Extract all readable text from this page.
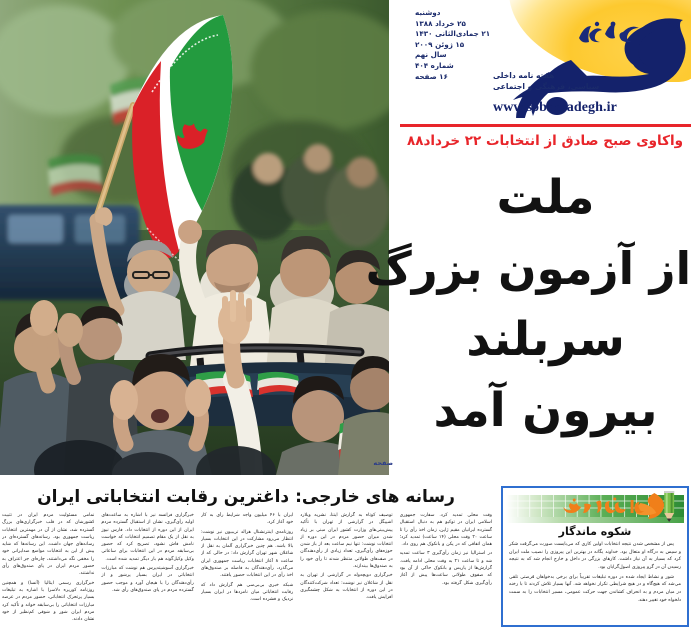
دوشنبه
۲۵ خرداد ۱۳۸۸
۲۱ جمادی‌الثانی ۱۴۳۰
۱۵ ژوئن ۲۰۰۹
سال نهم
شماره ۴۰۴
۱۶ صفحه	هفته نامه داخلی
سیاسی، فرهنگی و اجتماعی
www.sobhesadegh.ir
واکاوی صبح صادق از انتخابات ۲۲ خرداد۸۸
ملت
از آزمون بزرگ
سربلند
بیرون آمد
صفحه
رسانه های خارجی: داغترین رقابت انتخاباتی ایران

تمامی مسئولیت مردم ایران در تثبیت کشورشان که در قلب خبرگزاری‌های بزرگ گسترده شد، نشان از آن در مهمترین انتخابات ریاست جمهوری بود. رسانه‌های گسترده‌ای در رسانه‌های جهان داشت. این رسانه‌ها که شاید پیش از این به انتخابات مواضع ضدایرانی خود را مخفی نگه می‌داشتند، چاره‌ای جز اعتراف به حضور مردم ایران در پای صندوق‌های رأی نداشتند.

خبرگزاری رسمی ایتالیا (آنسا) و همچنین روزنامه کوریره دلاسرا با اشاره به تبلیغات بسیار پرتحرک انتخاباتی، حضور مردم در عرصه مبارزات انتخاباتی را بی‌سابقه خواند و تأکید کرد مردم ایران شور و شوقی کم‌نظیر از خود نشان دادند.

خبرگزاری فرانسه نیز با اشاره به ساعت‌های اولیه رأی‌گیری، نشان از استقبال گسترده مردم ایران از این دوره از انتخابات داد. فارس نیوز به نقل از یک مقام تصمیم انتخابات که خواست نامش فاش نشود، تصریح کرد که حضور بی‌سابقه مردم در این انتخابات برای ساعاتی وکیل وکیل‌گونه هم بار دیگر تمدید شده است.

خبرگزاری آسوشیتدپرس هم نوشت که مبارزات انتخاباتی در ایران بسیار پرشور و از رأی‌دهندگان را با هیجان آورد و موجب حضور گسترده مردم در پای صندوق‌های رأی شد.

ایران با ۴۶ میلیون واجد شرایط رأی به کار خود آغاز کرد.

روزنامه‌ی اینترنشنال هرالد تریبیون نیز نوشت: انتظار می‌رود مشارکت در این انتخابات بسیار بالا باشد. هم چنین خبرگزاری آلمان به نقل از شاغلان شهر تهران گزارش داد: در حالی که از ساعت ۸ آغاز انتخابات ریاست جمهوری ایران می‌گذرد، رأی‌دهندگان به فاصله بر صندوق‌های اخذ رأی در این انتخابات حضور یافتند.

شبکه خبری بی‌بی‌سی هم گزارش داد که رقابت انتخاباتی میان نامزدها در ایران بسیار نزدیک و فشرده است.

توصیف کوتاه به گزارش ایتنا، نشریه ویلارد اشپیگل در گزارشی از تهران با تأکید پیش‌بینی‌های وزارت کشور ایران مبنی بر زیاد شدن میزان حضور مردم در این دوره از انتخابات نوشت: تنها نیم ساعت بعد از باز شدن حوزه‌های رأی‌گیری، تعداد زیادی از رأی‌دهندگان در صف‌های طولانی منتظر شدند تا رأی خود را به صندوق‌ها بیندازند.

خبرگزاری دویچه‌وله در گزارشی از تهران به نقل از شاغلان نیز نوشت: تعداد شرکت‌کنندگان در این دوره از انتخابات به شکل چشمگیری افزایش یافت.

وقت محلی تمدید کرد. سفارت جمهوری اسلامی ایران در توکیو هم به دنبال استقبال گسترده ایرانیان مقیم ژاپن، زمان اخذ رأی را تا ساعت ۲۰ وقت محلی (۱۴ ساعت) تمدید کرد؛ همان اتفاقی که در پکن و بانکوک هم روی داد.

در استرالیا نیز زمان رأی‌گیری ۳ ساعت تمدید شد و تا ساعت ۲۱ به وقت محلی ادامه یافت. گزارش‌ها از پاریس و بانکوک حاکی از آن بود که صفوف طولانی ساعت‌ها پیش از آغاز رأی‌گیری شکل گرفته بود.

شکوه ماندگار

پس از مشخص شدن نتیجه انتخابات اولین کاری که می‌بایست صورت می‌گرفت شکر و سپس به درگاه او متعال بود. خداوند یگانه در بهترین این پیروزی را نصیب ملت ایران کرد که بسیار به آن نیاز داشت. کارهای بزرگی در داخل و خارج انجام شد که به نتیجه رسیدن آن در گرو پیروزی اصول‌گرایان بود.

شور و نشاط ایجاد شده در دوره تبلیغات تقریباً برای برخی بدخواهان فرصتی تلقی می‌شد که هیچ‌گاه و در هیچ شرایطی تکرار نخواهد شد. آنها بسیار تلاش کردند تا با رخنه در میان مردم و به انحراف کشاندن جهت حرکت عمومی، مسیر انتخابات را به سمت دلخواه خود تغییر دهند.
